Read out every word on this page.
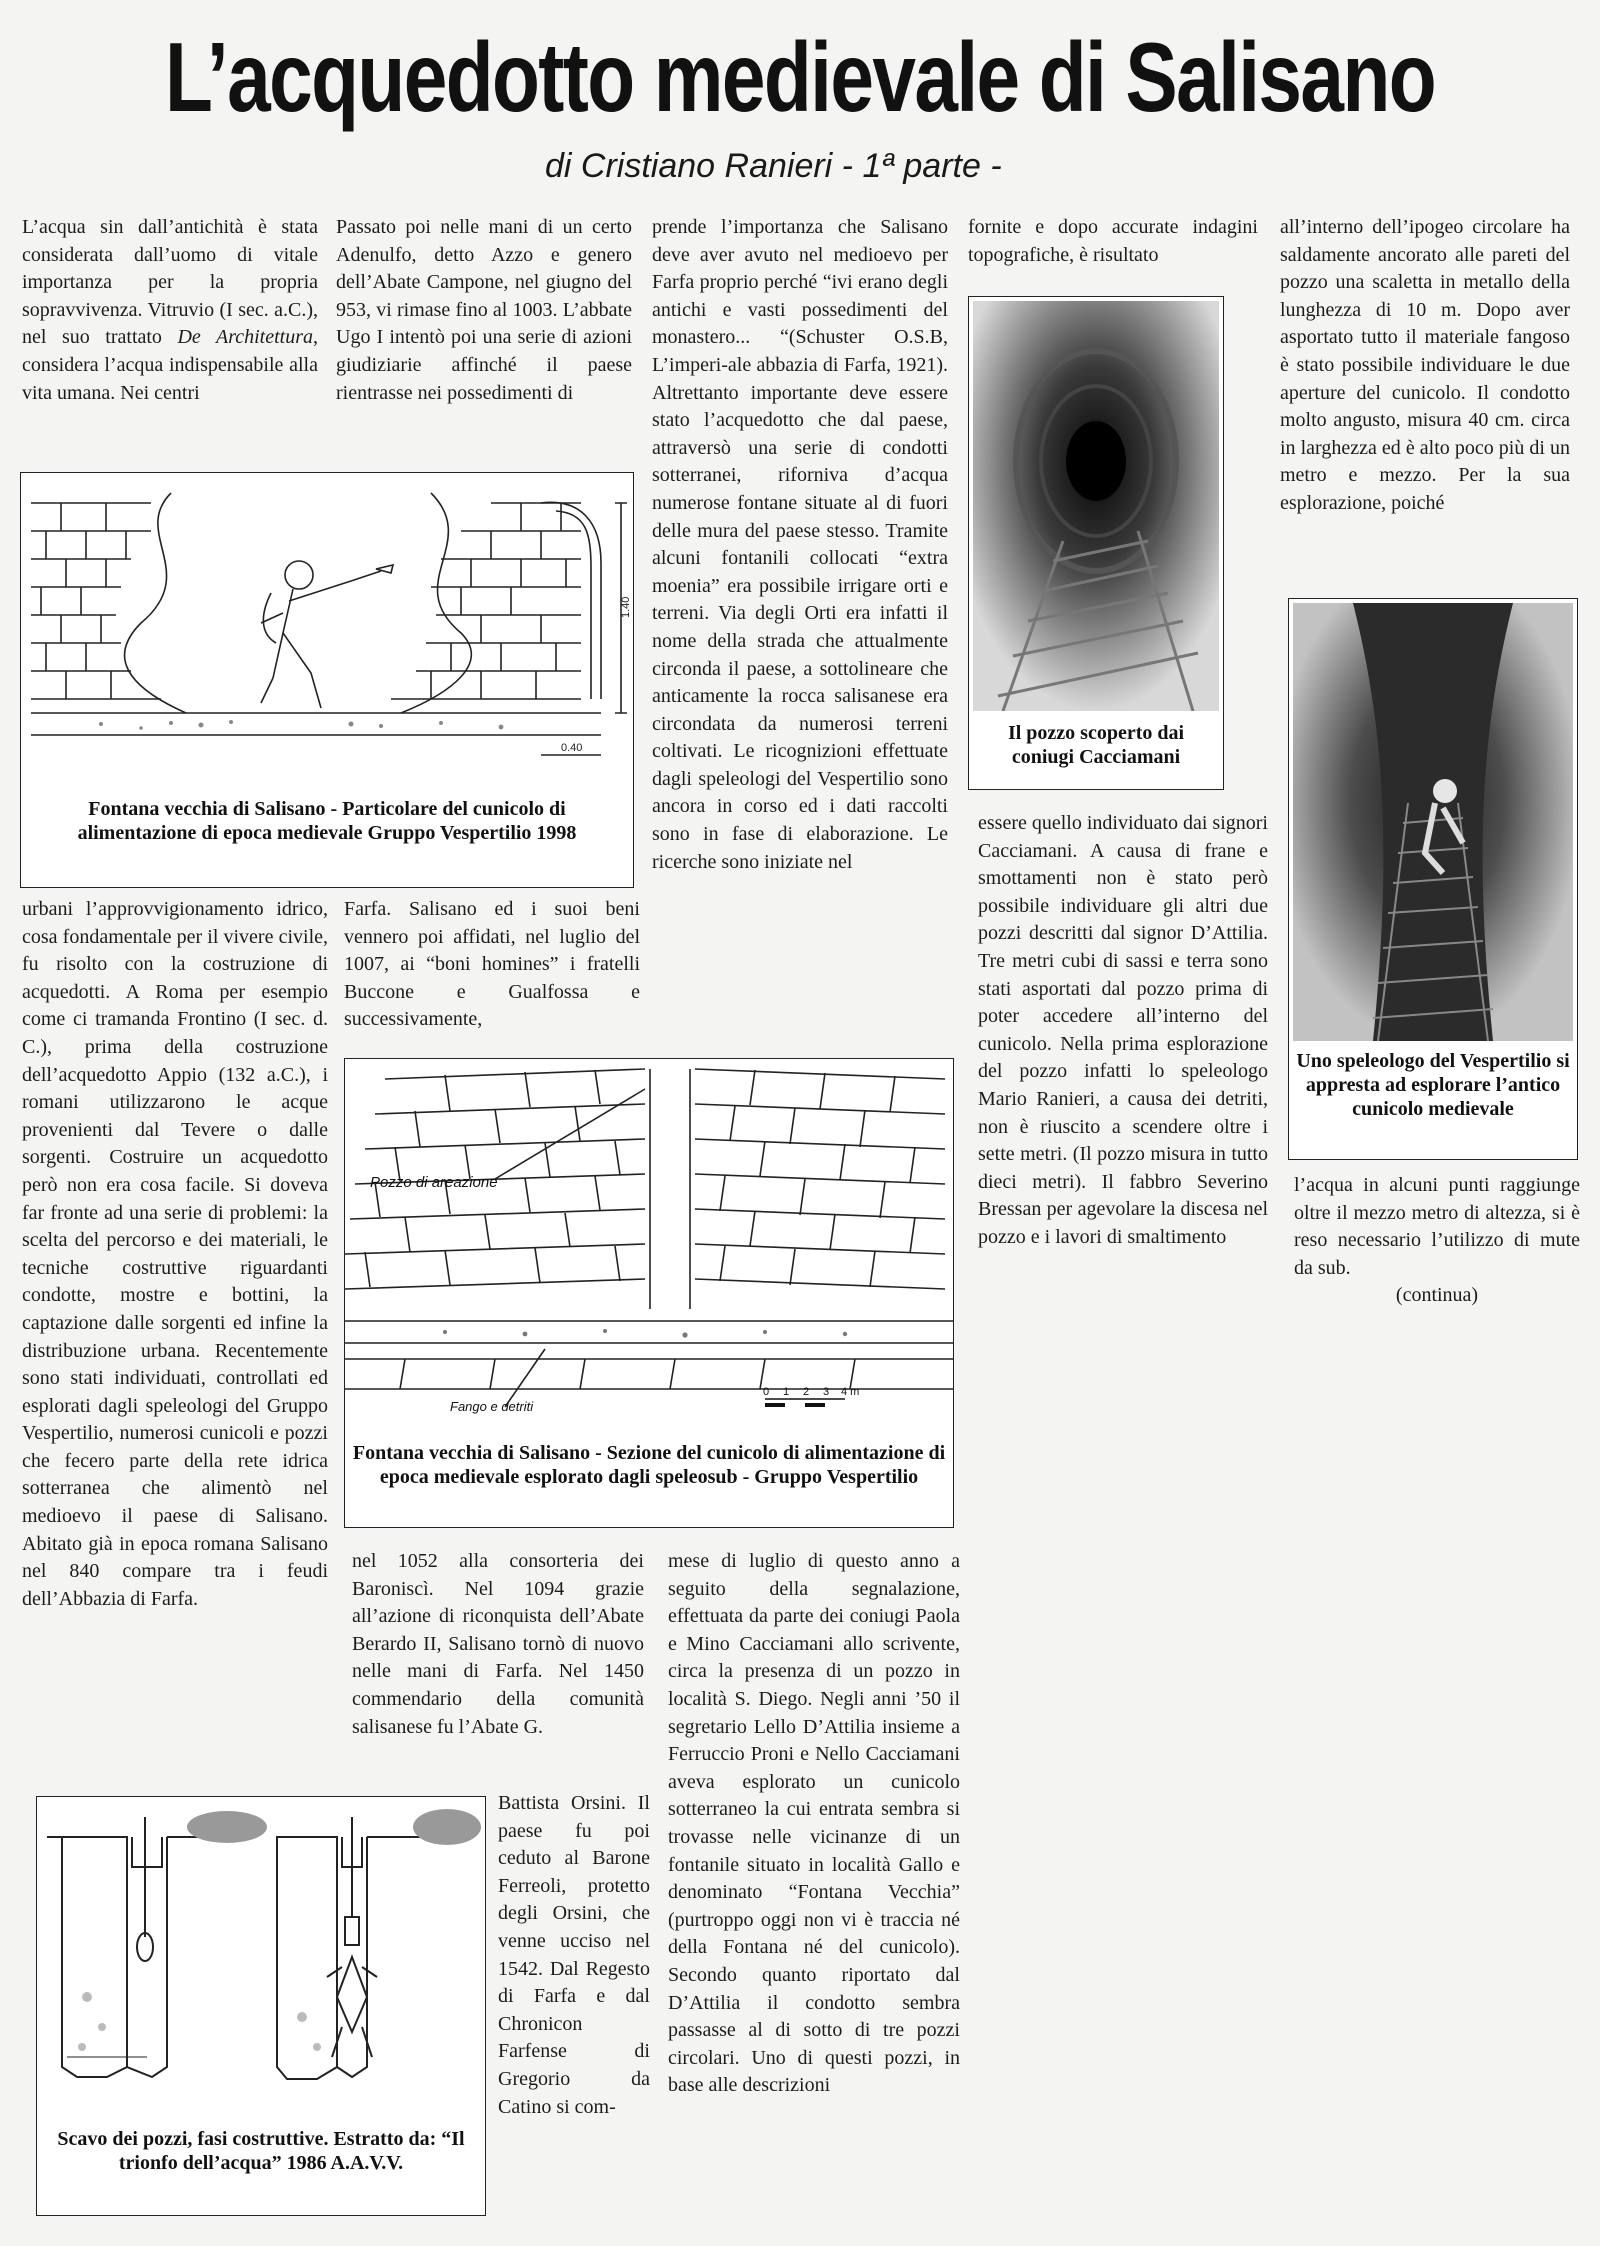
L’acquedotto medievale di Salisano
di Cristiano Ranieri - 1ª parte -

L’acqua sin dall’antichità è stata considerata dall’uomo di vitale importanza per la propria sopravvivenza. Vitruvio (I sec. a.C.), nel suo trattato De Architettura, considera l’acqua indispensabile alla vita umana. Nei centri

Passato poi nelle mani di un certo Adenulfo, detto Azzo e genero dell’Abate Campone, nel giugno del 953, vi rimase fino al 1003. L’abbate Ugo I intentò poi una serie di azioni giudiziarie affinché il paese rientrasse nei possedimenti di

prende l’importanza che Salisano deve aver avuto nel medioevo per Farfa proprio perché “ivi erano degli antichi e vasti possedimenti del monastero... “(Schuster O.S.B, L’imperi-ale abbazia di Farfa, 1921). Altrettanto importante deve essere stato l’acquedotto che dal paese, attraversò una serie di condotti sotterranei, riforniva d’acqua numerose fontane situate al di fuori delle mura del paese stesso. Tramite alcuni fontanili collocati “extra moenia” era possibile irrigare orti e terreni. Via degli Orti era infatti il nome della strada che attualmente circonda il paese, a sottolineare che anticamente la rocca salisanese era circondata da numerosi terreni coltivati. Le ricognizioni effettuate dagli speleologi del Vespertilio sono ancora in corso ed i dati raccolti sono in fase di elaborazione. Le ricerche sono iniziate nel

fornite e dopo accurate indagini topografiche, è risultato

all’interno dell’ipogeo circolare ha saldamente ancorato alle pareti del pozzo una scaletta in metallo della lunghezza di 10 m. Dopo aver asportato tutto il materiale fangoso è stato possibile individuare le due aperture del cunicolo. Il condotto molto angusto, misura 40 cm. circa in larghezza ed è alto poco più di un metro e mezzo. Per la sua esplorazione, poiché

1.40
0.40

Fontana vecchia di Salisano - Particolare del cunicolo di alimentazione di epoca medievale Gruppo Vespertilio 1998

Il pozzo scoperto dai coniugi Cacciamani

Uno speleologo del Vespertilio si appresta ad esplorare l’antico cunicolo medievale

urbani l’approvvigionamento idrico, cosa fondamentale per il vivere civile, fu risolto con la costruzione di acquedotti. A Roma per esempio come ci tramanda Frontino (I sec. d. C.), prima della costruzione dell’acquedotto Appio (132 a.C.), i romani utilizzarono le acque provenienti dal Tevere o dalle sorgenti. Costruire un acquedotto però non era cosa facile. Si doveva far fronte ad una serie di problemi: la scelta del percorso e dei materiali, le tecniche costruttive riguardanti condotte, mostre e bottini, la captazione dalle sorgenti ed infine la distribuzione urbana. Recentemente sono stati individuati, controllati ed esplorati dagli speleologi del Gruppo Vespertilio, numerosi cunicoli e pozzi che fecero parte della rete idrica sotterranea che alimentò nel medioevo il paese di Salisano. Abitato già in epoca romana Salisano nel 840 compare tra i feudi dell’Abbazia di Farfa.

Farfa. Salisano ed i suoi beni vennero poi affidati, nel luglio del 1007, ai “boni homines” i fratelli Buccone e Gualfossa e successivamente,

essere quello individuato dai signori Cacciamani. A causa di frane e smottamenti non è stato però possibile individuare gli altri due pozzi descritti dal signor D’Attilia. Tre metri cubi di sassi e terra sono stati asportati dal pozzo prima di poter accedere all’interno del cunicolo. Nella prima esplorazione del pozzo infatti lo speleologo Mario Ranieri, a causa dei detriti, non è riuscito a scendere oltre i sette metri. (Il pozzo misura in tutto dieci metri). Il fabbro Severino Bressan per agevolare la discesa nel pozzo e i lavori di smaltimento

l’acqua in alcuni punti raggiunge oltre il mezzo metro di altezza, si è reso necessario l’utilizzo di mute da sub.
(continua)
Pozzo di areazione
Fango e detriti
0 1 2 3 4 m

Fontana vecchia di Salisano - Sezione del cunicolo di alimentazione di epoca medievale esplorato dagli speleosub - Gruppo Vespertilio

nel 1052 alla consorteria dei Baroniscì. Nel 1094 grazie all’azione di riconquista dell’Abate Berardo II, Salisano tornò di nuovo nelle mani di Farfa. Nel 1450 commendario della comunità salisanese fu l’Abate G.

mese di luglio di questo anno a seguito della segnalazione, effettuata da parte dei coniugi Paola e Mino Cacciamani allo scrivente, circa la presenza di un pozzo in località S. Diego. Negli anni ’50 il segretario Lello D’Attilia insieme a Ferruccio Proni e Nello Cacciamani aveva esplorato un cunicolo sotterraneo la cui entrata sembra si trovasse nelle vicinanze di un fontanile situato in località Gallo e denominato “Fontana Vecchia” (purtroppo oggi non vi è traccia né della Fontana né del cunicolo). Secondo quanto riportato dal D’Attilia il condotto sembra passasse al di sotto di tre pozzi circolari. Uno di questi pozzi, in base alle descrizioni

Scavo dei pozzi, fasi costruttive. Estratto da: “Il trionfo dell’acqua” 1986 A.A.V.V.

Battista Orsini. Il paese fu poi ceduto al Barone Ferreoli, protetto degli Orsini, che venne ucciso nel 1542. Dal Regesto di Farfa e dal Chronicon Farfense di Gregorio da Catino si com-
